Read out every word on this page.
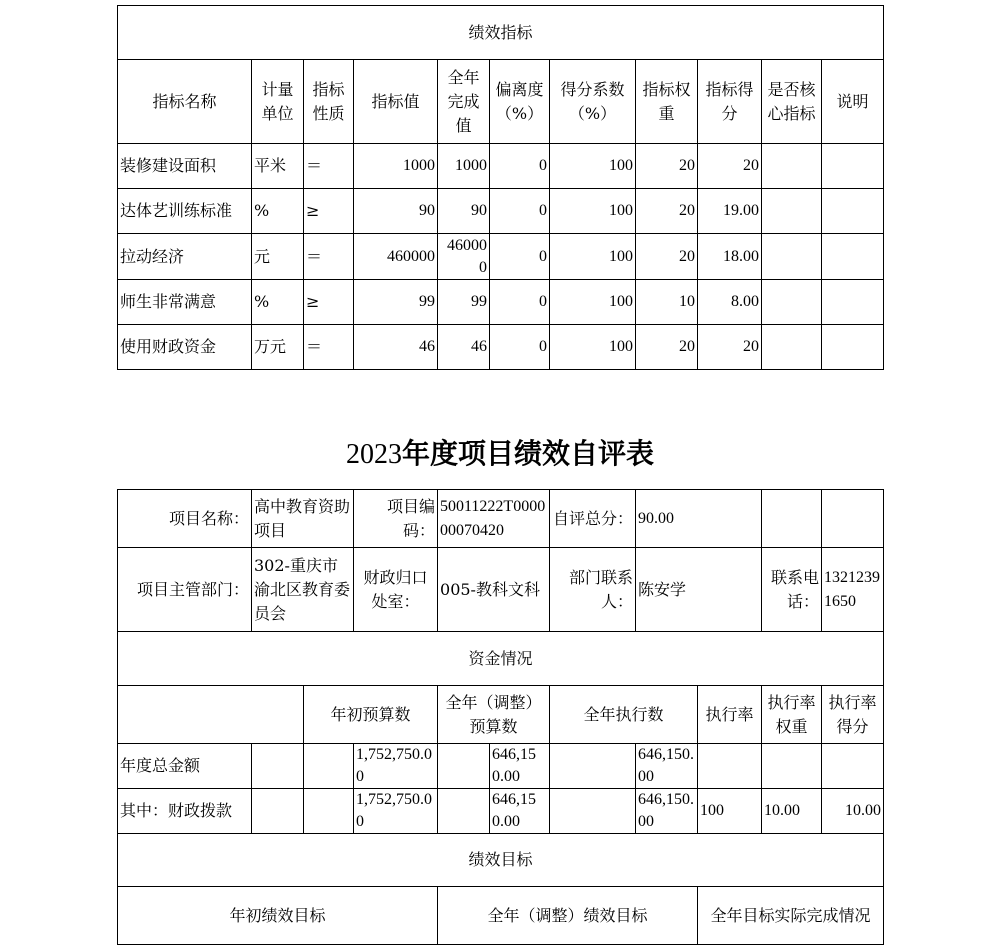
绩效指标										
指标名称	计量单位	指标性质	指标值	全年完成值	偏离度（%）	得分系数（%）	指标权重	指标得分	是否核心指标	说明
装修建设面积	平米	＝	1000	1000	0	100	20	20		
达体艺训练标准	%	≥	90	90	0	100	20	19.00		
拉动经济	元	＝	460000	460000	0	100	20	18.00		
师生非常满意	%	≥	99	99	0	100	10	8.00		
使用财政资金	万元	＝	46	46	0	100	20	20		
2023年度项目绩效自评表
项目名称：	高中教育资助项目		项目编码：	50011222T000000070420		自评总分：	90.00			
项目主管部门：	302-重庆市渝北区教育委员会		财政归口处室：	005-教科文科		部门联系人：	陈安学		联系电话：	13212391650
资金情况										
		年初预算数		全年（调整）预算数		全年执行数		执行率	执行率权重	执行率得分
年度总金额			1,752,750.00		646,150.00		646,150.00			
其中：财政拨款			1,752,750.00		646,150.00		646,150.00	100	10.00	10.00
绩效目标										
年初绩效目标				全年（调整）绩效目标				全年目标实际完成情况		
